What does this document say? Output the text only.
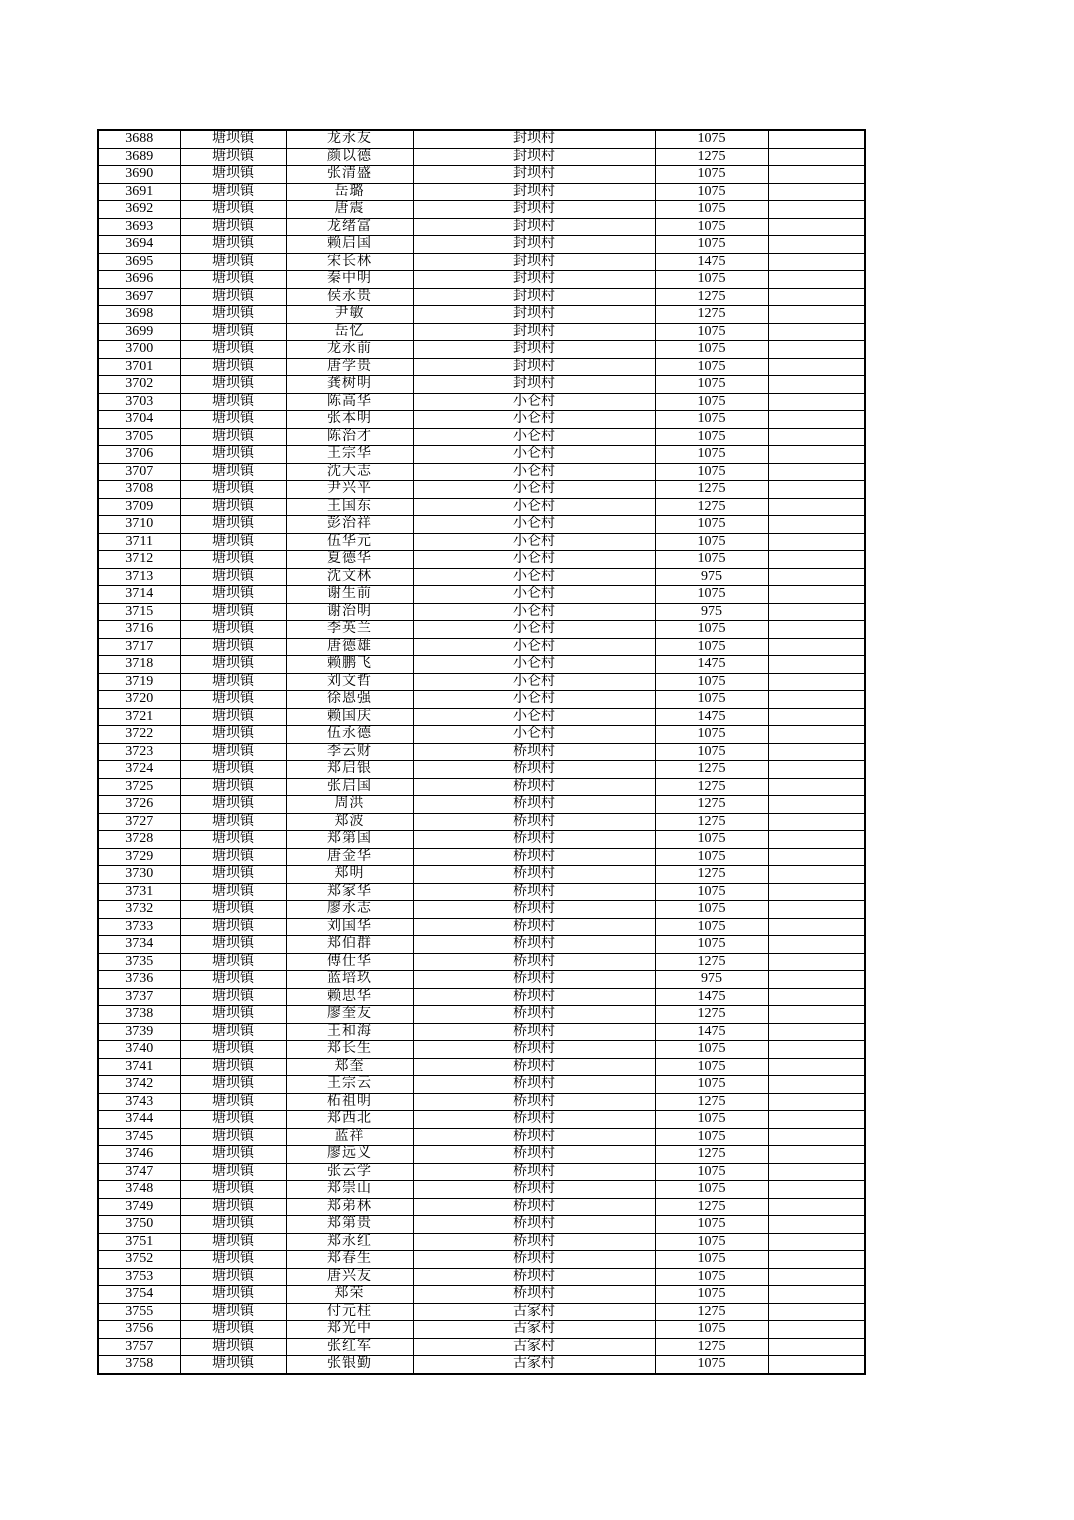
3688	塘坝镇	龙永友	封坝村	1075	
3689	塘坝镇	颜以德	封坝村	1275	
3690	塘坝镇	张清盛	封坝村	1075	
3691	塘坝镇	岳璐	封坝村	1075	
3692	塘坝镇	唐震	封坝村	1075	
3693	塘坝镇	龙绪富	封坝村	1075	
3694	塘坝镇	赖启国	封坝村	1075	
3695	塘坝镇	宋长林	封坝村	1475	
3696	塘坝镇	秦中明	封坝村	1075	
3697	塘坝镇	侯永贵	封坝村	1275	
3698	塘坝镇	尹敏	封坝村	1275	
3699	塘坝镇	岳忆	封坝村	1075	
3700	塘坝镇	龙永前	封坝村	1075	
3701	塘坝镇	唐学贵	封坝村	1075	
3702	塘坝镇	龚树明	封坝村	1075	
3703	塘坝镇	陈高华	小仑村	1075	
3704	塘坝镇	张本明	小仑村	1075	
3705	塘坝镇	陈治才	小仑村	1075	
3706	塘坝镇	王宗华	小仑村	1075	
3707	塘坝镇	沈大志	小仑村	1075	
3708	塘坝镇	尹兴平	小仑村	1275	
3709	塘坝镇	王国东	小仑村	1275	
3710	塘坝镇	彭治祥	小仑村	1075	
3711	塘坝镇	伍华元	小仑村	1075	
3712	塘坝镇	夏德华	小仑村	1075	
3713	塘坝镇	沈文林	小仑村	975	
3714	塘坝镇	谢生前	小仑村	1075	
3715	塘坝镇	谢治明	小仑村	975	
3716	塘坝镇	李英兰	小仑村	1075	
3717	塘坝镇	唐德雄	小仑村	1075	
3718	塘坝镇	赖鹏飞	小仑村	1475	
3719	塘坝镇	刘文哲	小仑村	1075	
3720	塘坝镇	徐恩强	小仑村	1075	
3721	塘坝镇	赖国庆	小仑村	1475	
3722	塘坝镇	伍永德	小仑村	1075	
3723	塘坝镇	李云财	桥坝村	1075	
3724	塘坝镇	郑启银	桥坝村	1275	
3725	塘坝镇	张启国	桥坝村	1275	
3726	塘坝镇	周洪	桥坝村	1275	
3727	塘坝镇	郑波	桥坝村	1275	
3728	塘坝镇	郑第国	桥坝村	1075	
3729	塘坝镇	唐金华	桥坝村	1075	
3730	塘坝镇	郑明	桥坝村	1275	
3731	塘坝镇	郑家华	桥坝村	1075	
3732	塘坝镇	廖永志	桥坝村	1075	
3733	塘坝镇	刘国华	桥坝村	1075	
3734	塘坝镇	郑伯群	桥坝村	1075	
3735	塘坝镇	傅仕华	桥坝村	1275	
3736	塘坝镇	蓝培玖	桥坝村	975	
3737	塘坝镇	赖思华	桥坝村	1475	
3738	塘坝镇	廖奎友	桥坝村	1275	
3739	塘坝镇	王和海	桥坝村	1475	
3740	塘坝镇	郑长生	桥坝村	1075	
3741	塘坝镇	郑奎	桥坝村	1075	
3742	塘坝镇	王宗云	桥坝村	1075	
3743	塘坝镇	柘祖明	桥坝村	1275	
3744	塘坝镇	郑西北	桥坝村	1075	
3745	塘坝镇	蓝祥	桥坝村	1075	
3746	塘坝镇	廖远义	桥坝村	1275	
3747	塘坝镇	张云学	桥坝村	1075	
3748	塘坝镇	郑崇山	桥坝村	1075	
3749	塘坝镇	郑弟林	桥坝村	1275	
3750	塘坝镇	郑第贵	桥坝村	1075	
3751	塘坝镇	郑永红	桥坝村	1075	
3752	塘坝镇	郑春生	桥坝村	1075	
3753	塘坝镇	唐兴友	桥坝村	1075	
3754	塘坝镇	郑荣	桥坝村	1075	
3755	塘坝镇	付元柱	古家村	1275	
3756	塘坝镇	郑光中	古家村	1075	
3757	塘坝镇	张红军	古家村	1275	
3758	塘坝镇	张银勤	古家村	1075	
